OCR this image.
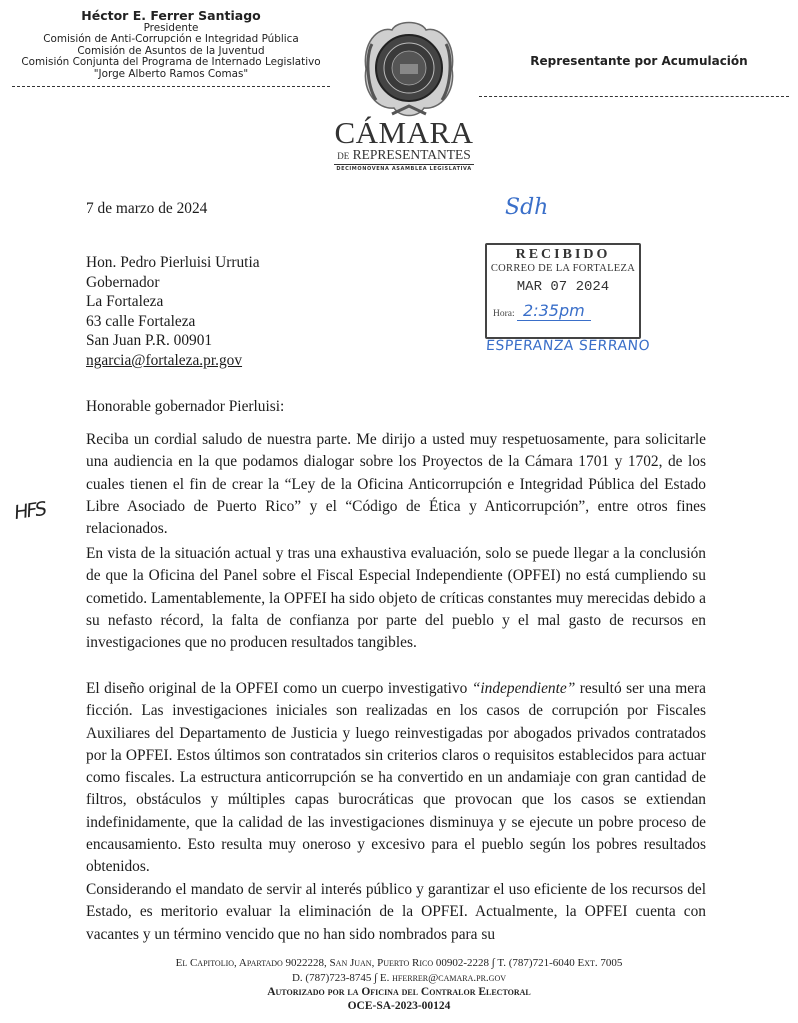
Héctor E. Ferrer Santiago
Presidente
Comisión de Anti-Corrupción e Integridad Pública
Comisión de Asuntos de la Juventud
Comisión Conjunta del Programa de Internado Legislativo
"Jorge Alberto Ramos Comas"
CÁMARA
DE REPRESENTANTES
DECIMONOVENA ASAMBLEA LEGISLATIVA
Representante por Acumulación
Sdh
RECIBIDO
CORREO DE LA FORTALEZA
MAR 07 2024
Hora: 2:35pm
ESPERANZA SERRANO
HFS
7 de marzo de 2024
Hon. Pedro Pierluisi Urrutia
Gobernador
La Fortaleza
63 calle Fortaleza
San Juan P.R. 00901
ngarcia@fortaleza.pr.gov
Honorable gobernador Pierluisi:
Reciba un cordial saludo de nuestra parte. Me dirijo a usted muy respetuosamente, para solicitarle una audiencia en la que podamos dialogar sobre los Proyectos de la Cámara 1701 y 1702, de los cuales tienen el fin de crear la “Ley de la Oficina Anticorrupción e Integridad Pública del Estado Libre Asociado de Puerto Rico” y el “Código de Ética y Anticorrupción”, entre otros fines relacionados.
En vista de la situación actual y tras una exhaustiva evaluación, solo se puede llegar a la conclusión de que la Oficina del Panel sobre el Fiscal Especial Independiente (OPFEI) no está cumpliendo su cometido. Lamentablemente, la OPFEI ha sido objeto de críticas constantes muy merecidas debido a su nefasto récord, la falta de confianza por parte del pueblo y el mal gasto de recursos en investigaciones que no producen resultados tangibles.
El diseño original de la OPFEI como un cuerpo investigativo “independiente” resultó ser una mera ficción. Las investigaciones iniciales son realizadas en los casos de corrupción por Fiscales Auxiliares del Departamento de Justicia y luego reinvestigadas por abogados privados contratados por la OPFEI. Estos últimos son contratados sin criterios claros o requisitos establecidos para actuar como fiscales. La estructura anticorrupción se ha convertido en un andamiaje con gran cantidad de filtros, obstáculos y múltiples capas burocráticas que provocan que los casos se extiendan indefinidamente, que la calidad de las investigaciones disminuya y se ejecute un pobre proceso de encausamiento. Esto resulta muy oneroso y excesivo para el pueblo según los pobres resultados obtenidos.
Considerando el mandato de servir al interés público y garantizar el uso eficiente de los recursos del Estado, es meritorio evaluar la eliminación de la OPFEI. Actualmente, la OPFEI cuenta con vacantes y un término vencido que no han sido nombrados para su
El Capitolio, Apartado 9022228, San Juan, Puerto Rico 00902-2228 ∫ T. (787)721-6040 Ext. 7005
D. (787)723-8745 ∫ E. hferrer@camara.pr.gov
Autorizado por la Oficina del Contralor Electoral
OCE-SA-2023-00124
